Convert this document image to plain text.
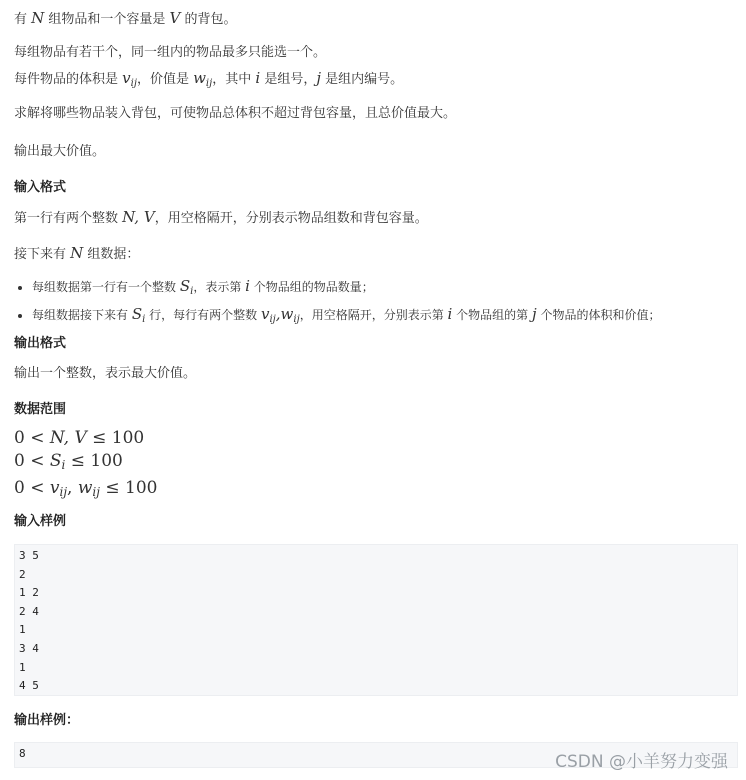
有 N 组物品和一个容量是 V 的背包。

每组物品有若干个，同一组内的物品最多只能选一个。

每件物品的体积是 $v_{ij}$，价值是 $w_{ij}$，其中 i 是组号，j 是组内编号。

求解将哪些物品装入背包，可使物品总体积不超过背包容量，且总价值最大。

输出最大价值。

输入格式

第一行有两个整数 N, V，用空格隔开，分别表示物品组数和背包容量。

接下来有 N 组数据：

• 每组数据第一行有一个整数 $S_i$，表示第 i 个物品组的物品数量；
• 每组数据接下来有 $S_i$ 行，每行有两个整数 $v_{ij},w_{ij}$，用空格隔开，分别表示第 i 个物品组的第 j 个物品的体积和价值；

输出格式

输出一个整数，表示最大价值。

数据范围

0 < N, V ≤ 100
$0 < S_i \le 100$
$0 < v_{ij}$, $w_{ij} \le 100$

输入样例

3 5
2
1 2
2 4
1
3 4
1
4 5

输出样例：

8	CSDN @小羊努力变强
